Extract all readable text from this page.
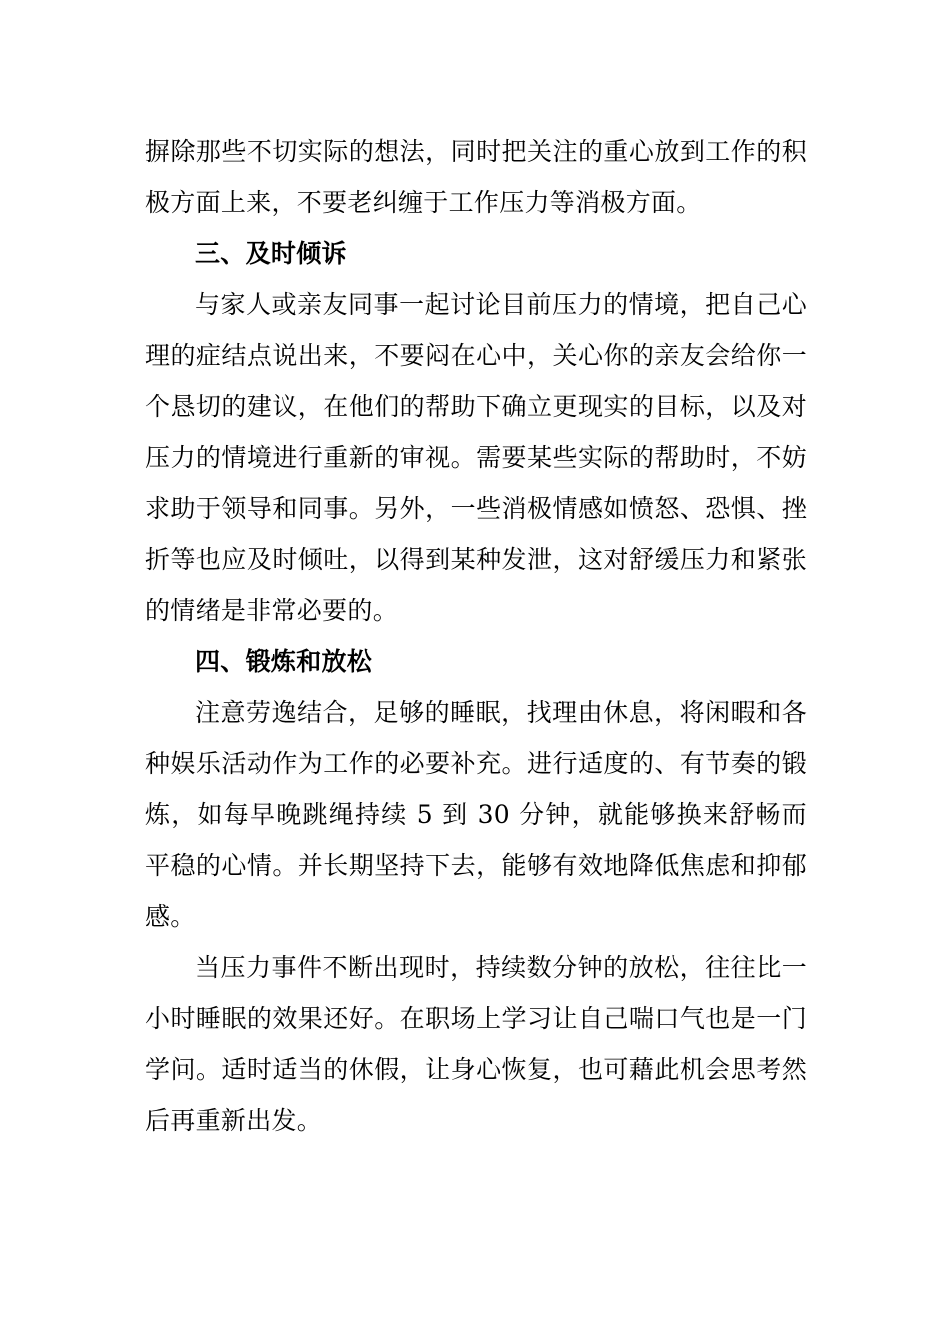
摒除那些不切实际的想法，同时把关注的重心放到工作的积极方面上来，不要老纠缠于工作压力等消极方面。

三、及时倾诉

与家人或亲友同事一起讨论目前压力的情境，把自己心理的症结点说出来，不要闷在心中，关心你的亲友会给你一个恳切的建议，在他们的帮助下确立更现实的目标，以及对压力的情境进行重新的审视。需要某些实际的帮助时，不妨求助于领导和同事。另外，一些消极情感如愤怒、恐惧、挫折等也应及时倾吐，以得到某种发泄，这对舒缓压力和紧张的情绪是非常必要的。

四、锻炼和放松

注意劳逸结合，足够的睡眠，找理由休息，将闲暇和各种娱乐活动作为工作的必要补充。进行适度的、有节奏的锻炼，如每早晚跳绳持续 5 到 30 分钟，就能够换来舒畅而平稳的心情。并长期坚持下去，能够有效地降低焦虑和抑郁感。

当压力事件不断出现时，持续数分钟的放松，往往比一小时睡眠的效果还好。在职场上学习让自己喘口气也是一门学问。适时适当的休假，让身心恢复，也可藉此机会思考然后再重新出发。
